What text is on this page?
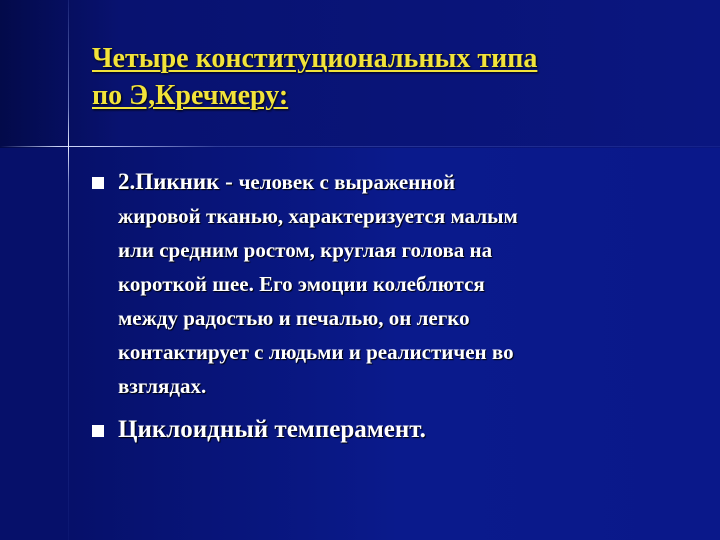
Четыре конституциональных типа
по Э,Кречмеру:
2.Пикник - человек с выраженной
жировой тканью, характеризуется малым
или средним ростом, круглая голова на
короткой шее. Его эмоции колеблются
между радостью и печалью, он легко
контактирует с людьми и реалистичен во
взглядах.
Циклоидный темперамент.
